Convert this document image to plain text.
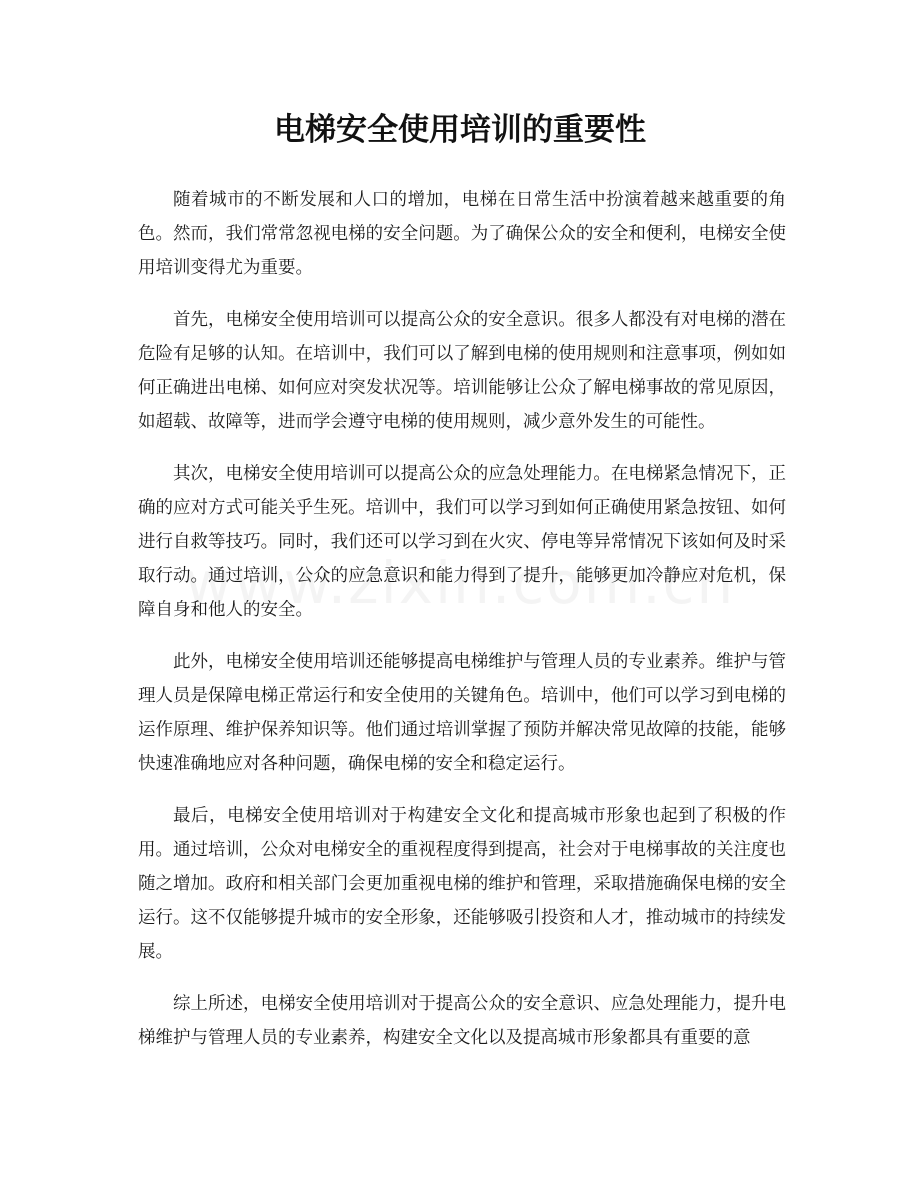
电梯安全使用培训的重要性

随着城市的不断发展和人口的增加，电梯在日常生活中扮演着越来越重要的角色。然而，我们常常忽视电梯的安全问题。为了确保公众的安全和便利，电梯安全使用培训变得尤为重要。

首先，电梯安全使用培训可以提高公众的安全意识。很多人都没有对电梯的潜在危险有足够的认知。在培训中，我们可以了解到电梯的使用规则和注意事项，例如如何正确进出电梯、如何应对突发状况等。培训能够让公众了解电梯事故的常见原因，如超载、故障等，进而学会遵守电梯的使用规则，减少意外发生的可能性。

其次，电梯安全使用培训可以提高公众的应急处理能力。在电梯紧急情况下，正确的应对方式可能关乎生死。培训中，我们可以学习到如何正确使用紧急按钮、如何进行自救等技巧。同时，我们还可以学习到在火灾、停电等异常情况下该如何及时采取行动。通过培训，公众的应急意识和能力得到了提升，能够更加冷静应对危机，保障自身和他人的安全。

此外，电梯安全使用培训还能够提高电梯维护与管理人员的专业素养。维护与管理人员是保障电梯正常运行和安全使用的关键角色。培训中，他们可以学习到电梯的运作原理、维护保养知识等。他们通过培训掌握了预防并解决常见故障的技能，能够快速准确地应对各种问题，确保电梯的安全和稳定运行。

最后，电梯安全使用培训对于构建安全文化和提高城市形象也起到了积极的作用。通过培训，公众对电梯安全的重视程度得到提高，社会对于电梯事故的关注度也随之增加。政府和相关部门会更加重视电梯的维护和管理，采取措施确保电梯的安全运行。这不仅能够提升城市的安全形象，还能够吸引投资和人才，推动城市的持续发展。

综上所述，电梯安全使用培训对于提高公众的安全意识、应急处理能力，提升电梯维护与管理人员的专业素养，构建安全文化以及提高城市形象都具有重要的意
